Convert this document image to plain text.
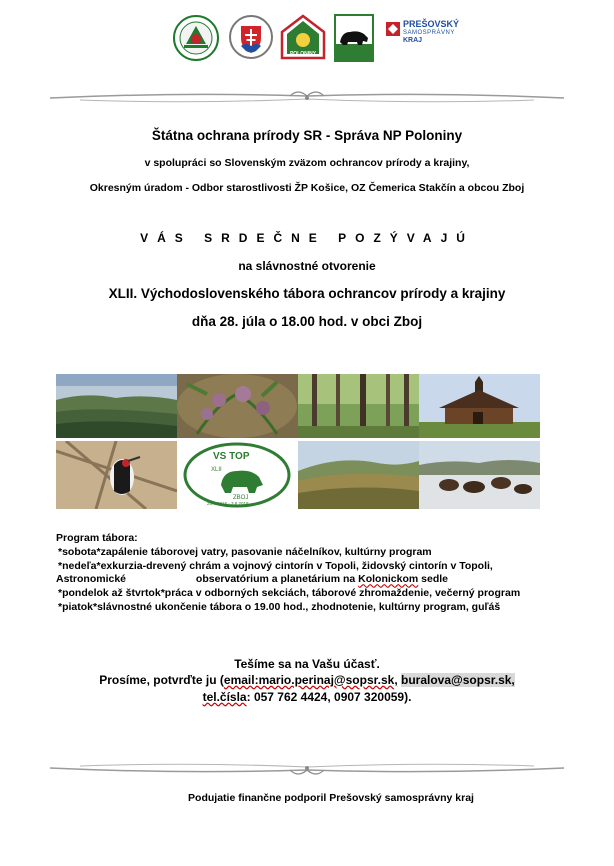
POLONINY
PREŠOVSKÝ
SAMOSPRÁVNY
KRAJ
Štátna ochrana prírody SR - Správa NP Poloniny
v spolupráci so Slovenským zväzom ochrancov prírody a krajiny,
Okresným úradom - Odbor starostlivosti ŽP Košice, OZ Čemerica Stakčín a obcou Zboj
VÁS SRDEČNE POZÝVAJÚ
na slávnostné otvorenie
XLII. Východoslovenského tábora ochrancov prírody a krajiny
dňa 28. júla o 18.00 hod. v obci Zboj
VS TOP
XLII
ZBOJ
28.7.2018 - 3.8.2018
Program tábora:
*sobota*zapálenie táborovej vatry, pasovanie náčelníkov, kultúrny program
*nedeľa*exkurzia-drevený chrám a vojnový cintorín v Topoli, židovský cintorín v Topoli,
Astronomické	observatórium a planetárium na Kolonickom sedle
*pondelok až štvrtok*práca v odborných sekciách, táborové zhromaždenie, večerný program
*piatok*slávnostné ukončenie tábora o 19.00 hod., zhodnotenie, kultúrny program, guľáš
Tešíme sa na Vašu účasť.
Prosíme, potvrďte ju (email:mario.perinaj@sopsr.sk, buralova@sopsr.sk,
tel.čísla: 057 762 4424, 0907 320059).
Podujatie finančne podporil Prešovský samosprávny kraj
